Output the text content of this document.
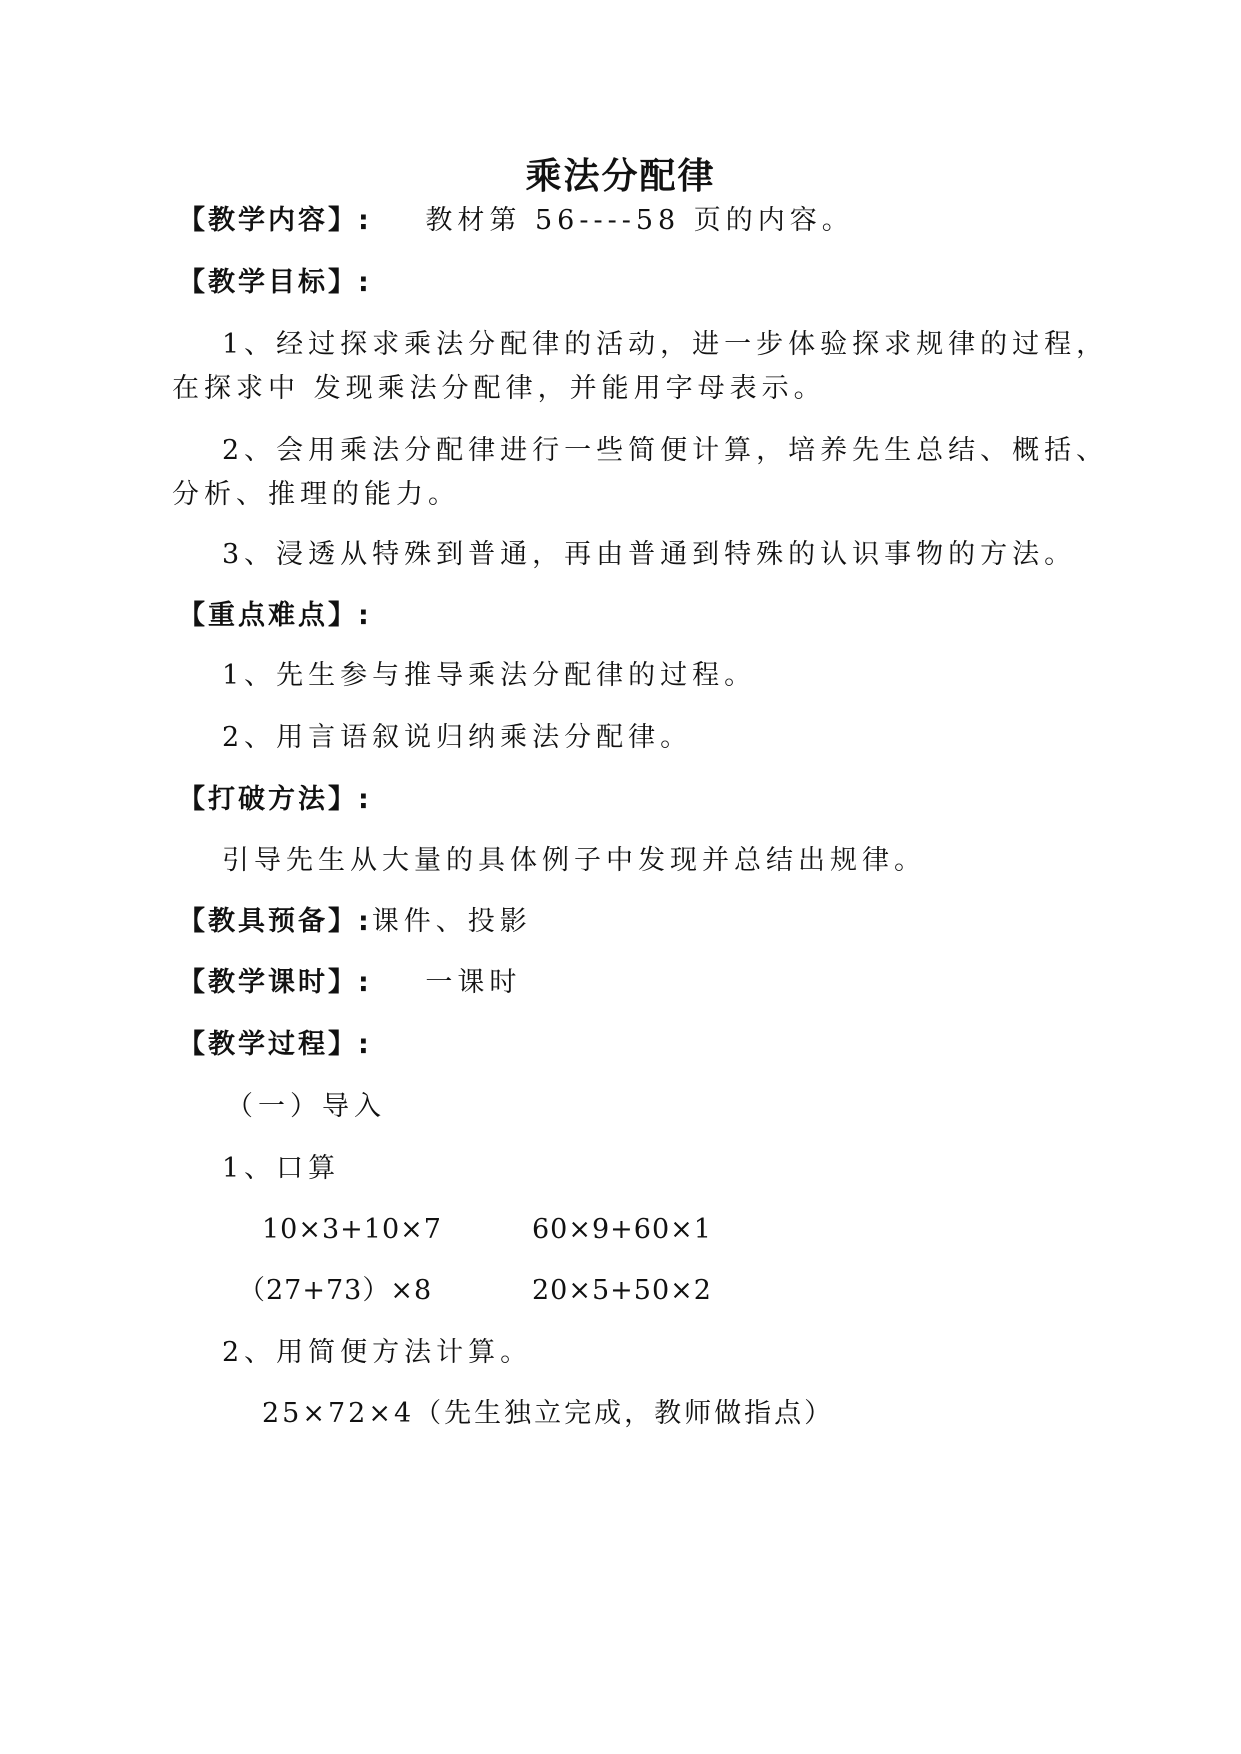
乘法分配律
【教学内容】: 教材第 56----58 页的内容。
【教学目标】:
1、经过探求乘法分配律的活动，进一步体验探求规律的过程，
在探求中 发现乘法分配律，并能用字母表示。
2、会用乘法分配律进行一些简便计算，培养先生总结、概括、
分析、推理的能力。
3、浸透从特殊到普通，再由普通到特殊的认识事物的方法。
【重点难点】:
1、先生参与推导乘法分配律的过程。
2、用言语叙说归纳乘法分配律。
【打破方法】:
引导先生从大量的具体例子中发现并总结出规律。
【教具预备】:课件、投影
【教学课时】: 一课时
【教学过程】:
（一）导入
1、口算
10×3+10×7	60×9+60×1
（27+73）×8	20×5+50×2
2、用简便方法计算。
25×72×4（先生独立完成，教师做指点）
